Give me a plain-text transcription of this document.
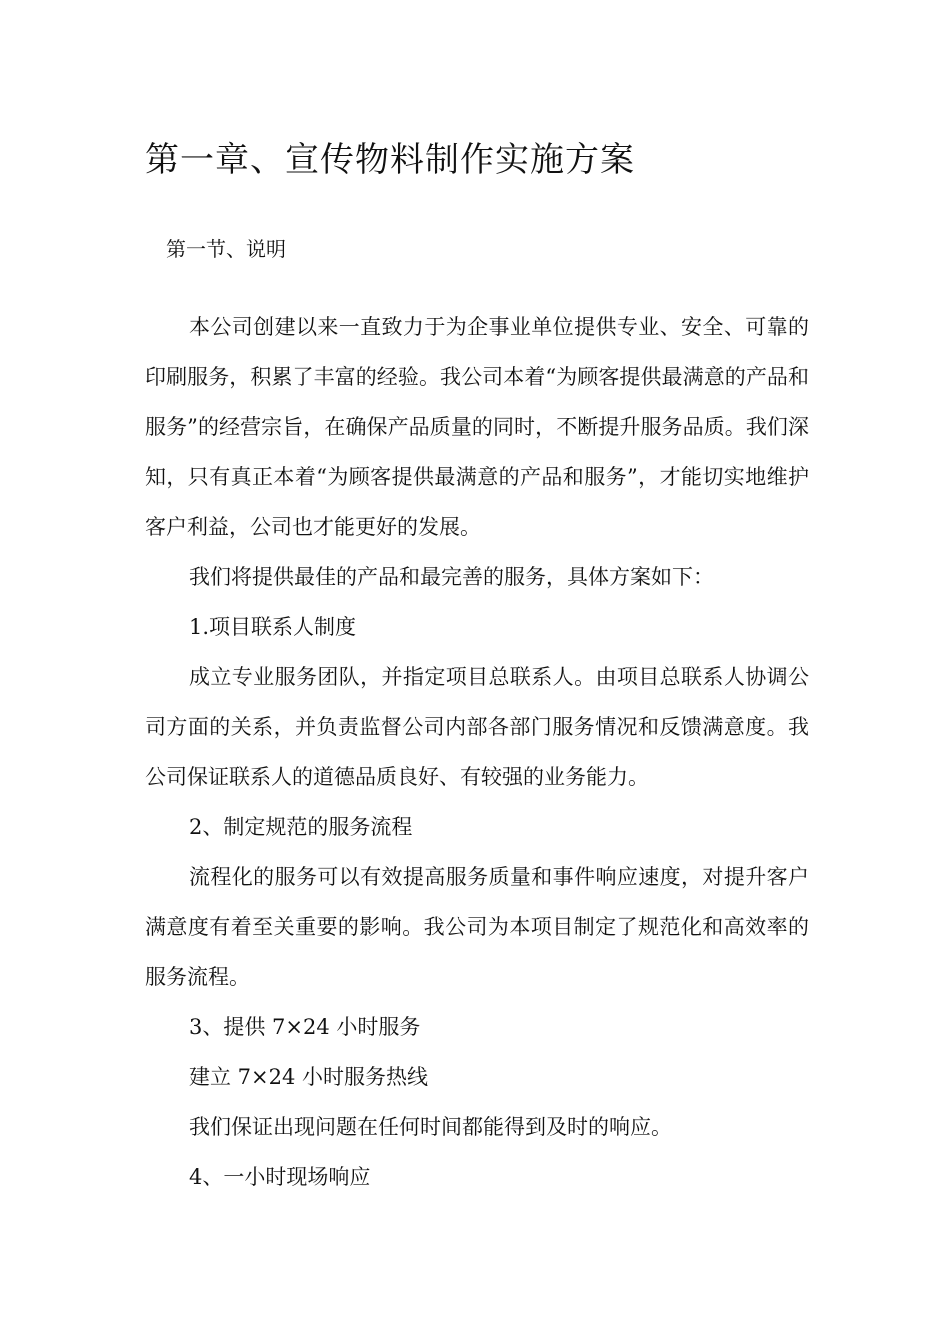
第一章、宣传物料制作实施方案
第一节、说明

本公司创建以来一直致力于为企事业单位提供专业、安全、可靠的印刷服务，积累了丰富的经验。我公司本着“为顾客提供最满意的产品和服务”的经营宗旨，在确保产品质量的同时，不断提升服务品质。我们深知，只有真正本着“为顾客提供最满意的产品和服务”，才能切实地维护客户利益，公司也才能更好的发展。

我们将提供最佳的产品和最完善的服务，具体方案如下：

1.项目联系人制度

成立专业服务团队，并指定项目总联系人。由项目总联系人协调公司方面的关系，并负责监督公司内部各部门服务情况和反馈满意度。我公司保证联系人的道德品质良好、有较强的业务能力。

2、制定规范的服务流程

流程化的服务可以有效提高服务质量和事件响应速度，对提升客户满意度有着至关重要的影响。我公司为本项目制定了规范化和高效率的服务流程。

3、提供 7×24 小时服务

建立 7×24 小时服务热线

我们保证出现问题在任何时间都能得到及时的响应。

4、一小时现场响应
